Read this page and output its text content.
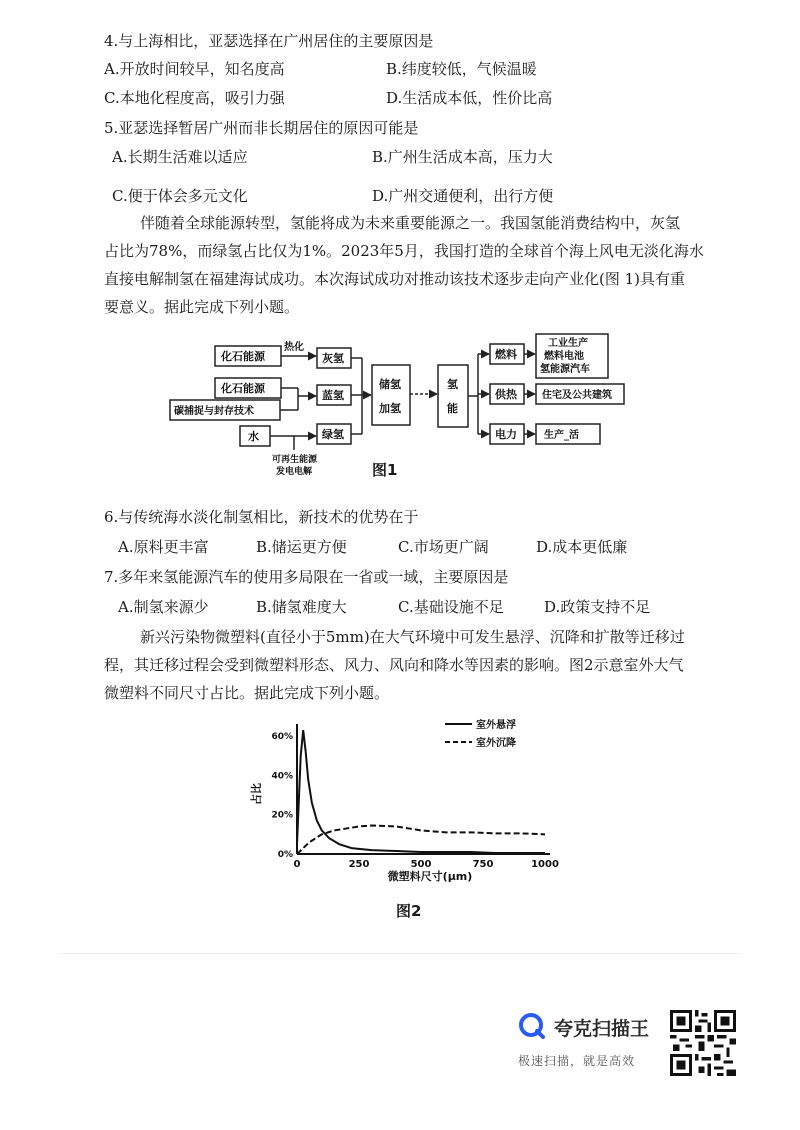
4.与上海相比，亚瑟选择在广州居住的主要原因是
A.开放时间较早，知名度高	B.纬度较低，气候温暖
C.本地化程度高，吸引力强	D.生活成本低，性价比高
5.亚瑟选择暂居广州而非长期居住的原因可能是
A.长期生活难以适应	B.广州生活成本高，压力大
C.便于体会多元文化	D.广州交通便利，出行方便
伴随着全球能源转型，氢能将成为未来重要能源之一。我国氢能消费结构中，灰氢
占比为78%，而绿氢占比仅为1%。2023年5月，我国打造的全球首个海上风电无淡化海水
直接电解制氢在福建海试成功。本次海试成功对推动该技术逐步走向产业化(图 1)具有重
要意义。据此完成下列小题。
化石能源
化石能源
碳捕捉与封存技术
水
热化
可再生能源
发电电解
灰氢
蓝氢
绿氢
储氢
加氢
氢
能
燃料
供热
电力
工业生产
燃料电池
氢能源汽车
住宅及公共建筑
生产_活
图1
6.与传统海水淡化制氢相比，新技术的优势在于
A.原料更丰富	B.储运更方便	C.市场更广阔	D.成本更低廉
7.多年来氢能源汽车的使用多局限在一省或一域，主要原因是
A.制氢来源少	B.储氢难度大	C.基础设施不足	D.政策支持不足
新兴污染物微塑料(直径小于5mm)在大气环境中可发生悬浮、沉降和扩散等迁移过
程，其迁移过程会受到微塑料形态、风力、风向和降水等因素的影响。图2示意室外大气
微塑料不同尺寸占比。据此完成下列小题。
0%
20%
40%
60%
0	250	500	750	1000
占比
微塑料尺寸(μm)
室外悬浮
室外沉降
图2
夸克扫描王
极速扫描，就是高效
